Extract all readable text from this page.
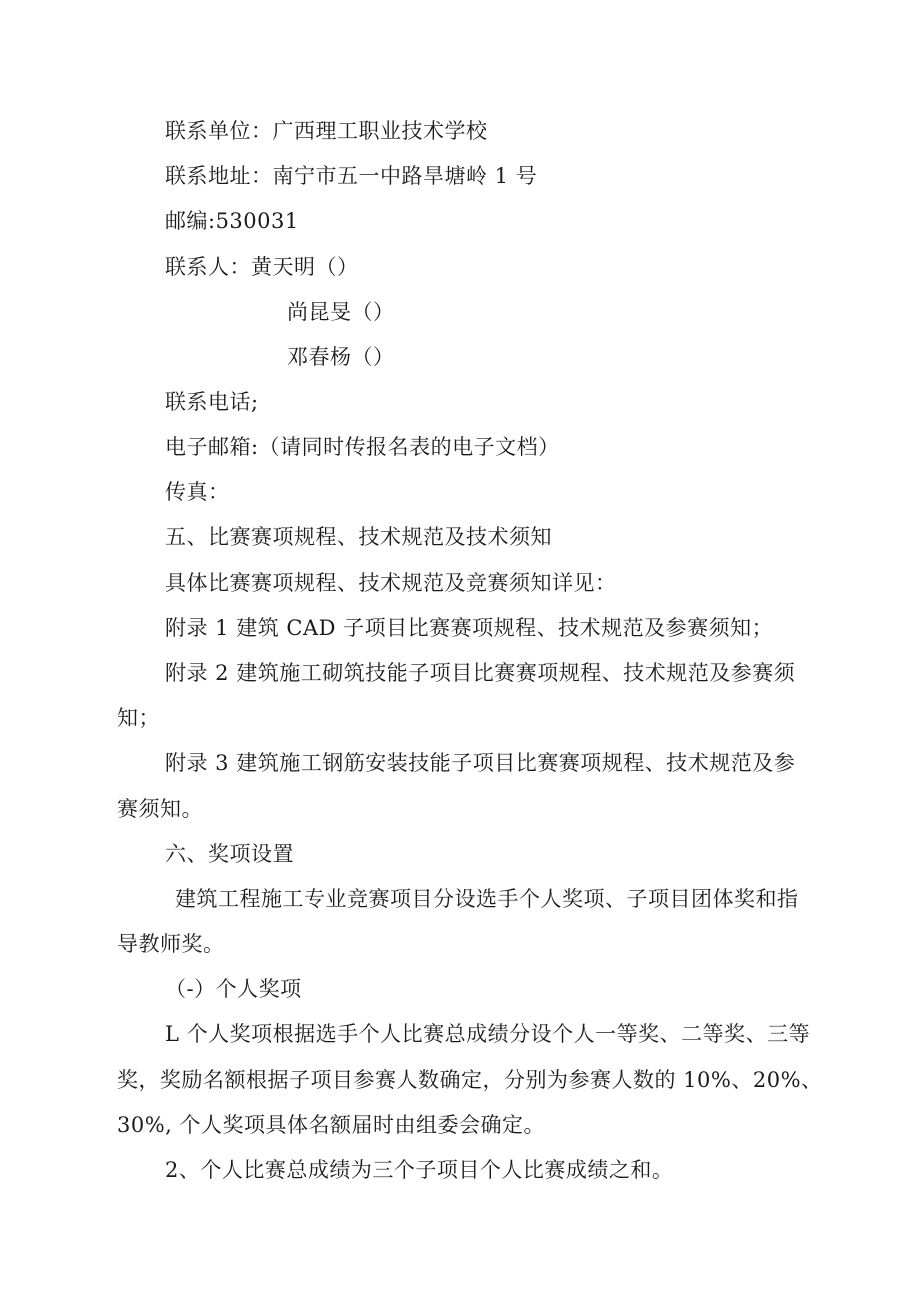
联系单位：广西理工职业技术学校

联系地址：南宁市五一中路旱塘岭 1 号

邮编:530031

联系人：黄天明（）

尚昆旻（）

邓春杨（）

联系电话;

电子邮箱:（请同时传报名表的电子文档）

传真：

五、比赛赛项规程、技术规范及技术须知

具体比赛赛项规程、技术规范及竞赛须知详见：

附录 1 建筑 CAD 子项目比赛赛项规程、技术规范及参赛须知；

附录 2 建筑施工砌筑技能子项目比赛赛项规程、技术规范及参赛须

知；

附录 3 建筑施工钢筋安装技能子项目比赛赛项规程、技术规范及参

赛须知。

六、奖项设置

建筑工程施工专业竞赛项目分设选手个人奖项、子项目团体奖和指

导教师奖。

（-）个人奖项

L 个人奖项根据选手个人比赛总成绩分设个人一等奖、二等奖、三等

奖，奖励名额根据子项目参赛人数确定，分别为参赛人数的 10%、20%、

30%, 个人奖项具体名额届时由组委会确定。

2、个人比赛总成绩为三个子项目个人比赛成绩之和。
